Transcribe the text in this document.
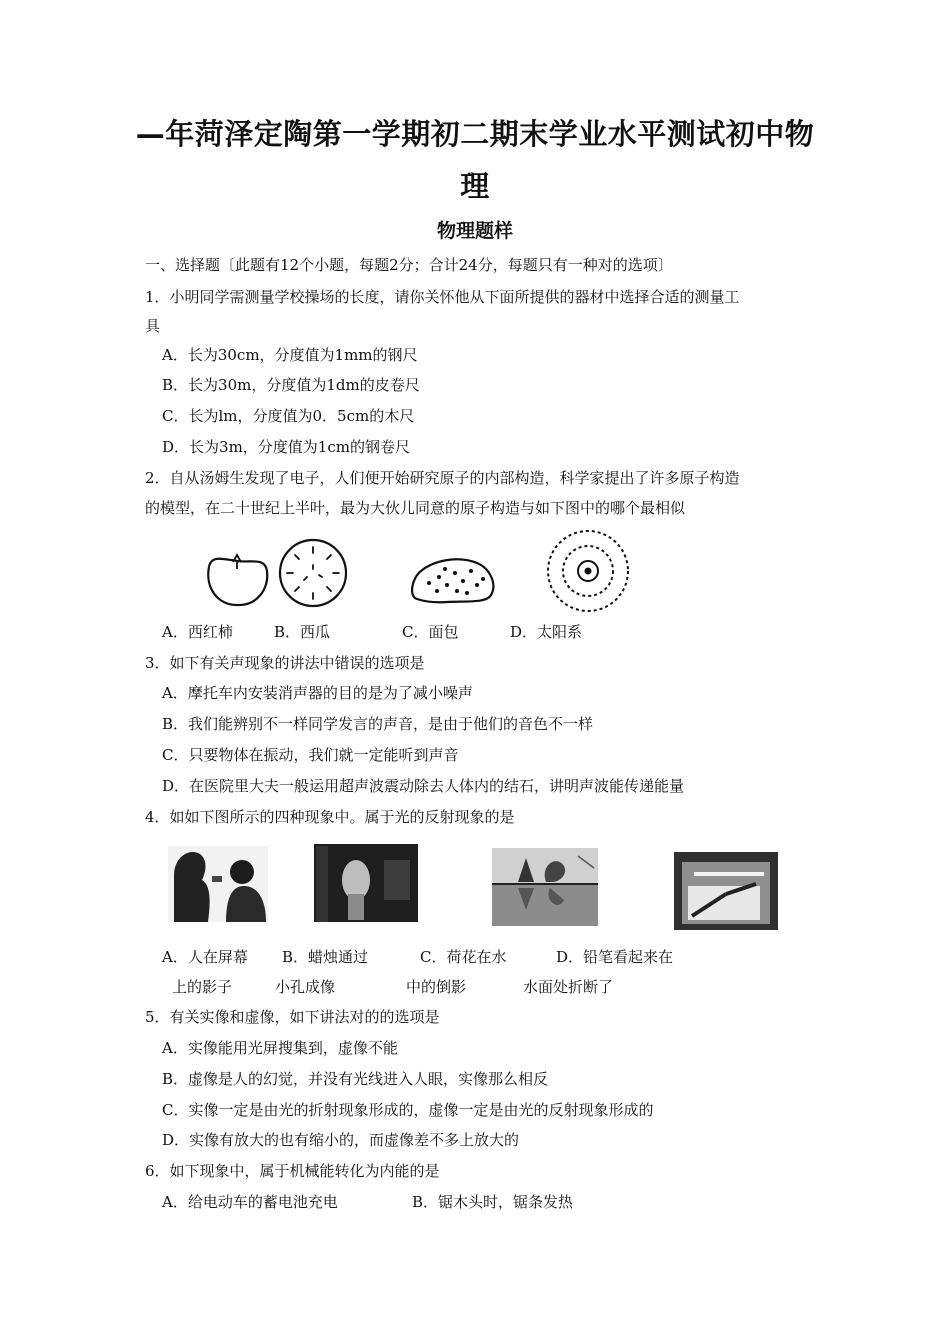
—年菏泽定陶第一学期初二期末学业水平测试初中物
理
物理题样
一、选择题〔此题有12个小题，每题2分；合计24分，每题只有一种对的选项〕
1．小明同学需测量学校操场的长度，请你关怀他从下面所提供的器材中选择合适的测量工
具
A．长为30cm，分度值为1mm的钢尺
B．长为30m，分度值为1dm的皮卷尺
C．长为lm，分度值为0．5cm的木尺
D．长为3m，分度值为1cm的钢卷尺
2．自从汤姆生发现了电子，人们便开始研究原子的内部构造，科学家提出了许多原子构造
的模型，在二十世纪上半叶，最为大伙儿同意的原子构造与如下图中的哪个最相似
A．西红柿	B．西瓜	C．面包	D．太阳系
3．如下有关声现象的讲法中错误的选项是
A．摩托车内安装消声器的目的是为了减小噪声
B．我们能辨别不一样同学发言的声音，是由于他们的音色不一样
C．只要物体在振动，我们就一定能听到声音
D．在医院里大夫一般运用超声波震动除去人体内的结石，讲明声波能传递能量
4．如如下图所示的四种现象中。属于光的反射现象的是
A．人在屏幕 B．蜡烛通过	C．荷花在水	D．铅笔看起来在
上的影子	小孔成像	中的倒影	水面处折断了
5．有关实像和虚像，如下讲法对的的选项是
A．实像能用光屏搜集到，虚像不能
B．虚像是人的幻觉，并没有光线进入人眼，实像那么相反
C．实像一定是由光的折射现象形成的，虚像一定是由光的反射现象形成的
D．实像有放大的也有缩小的，而虚像差不多上放大的
6．如下现象中，属于机械能转化为内能的是
A．给电动车的蓄电池充电	B．锯木头时，锯条发热
